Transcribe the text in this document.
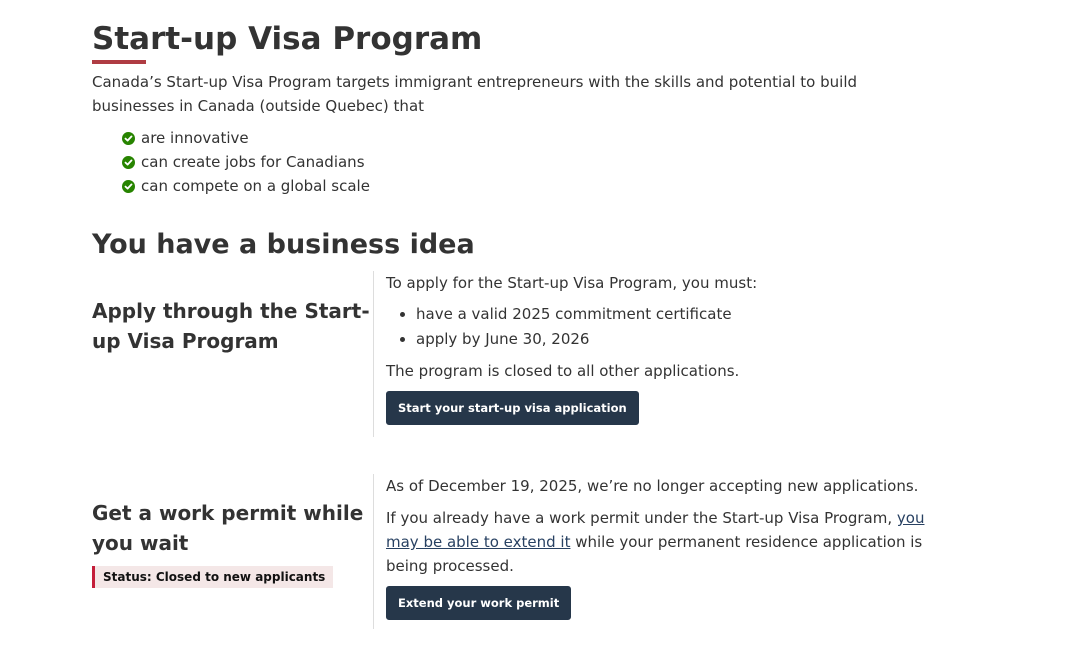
Start-up Visa Program

Canada’s Start-up Visa Program targets immigrant entrepreneurs with the skills and potential to build businesses in Canada (outside Quebec) that

are innovative
can create jobs for Canadians
can compete on a global scale
You have a business idea
Apply through the Start-up Visa Program

To apply for the Start-up Visa Program, you must:

• have a valid 2025 commitment certificate
• apply by June 30, 2026

The program is closed to all other applications.

Start your start-up visa application
Get a work permit while you wait
Status: Closed to new applicants

As of December 19, 2025, we’re no longer accepting new applications.

If you already have a work permit under the Start-up Visa Program, you may be able to extend it while your permanent residence application is being processed.

Extend your work permit
